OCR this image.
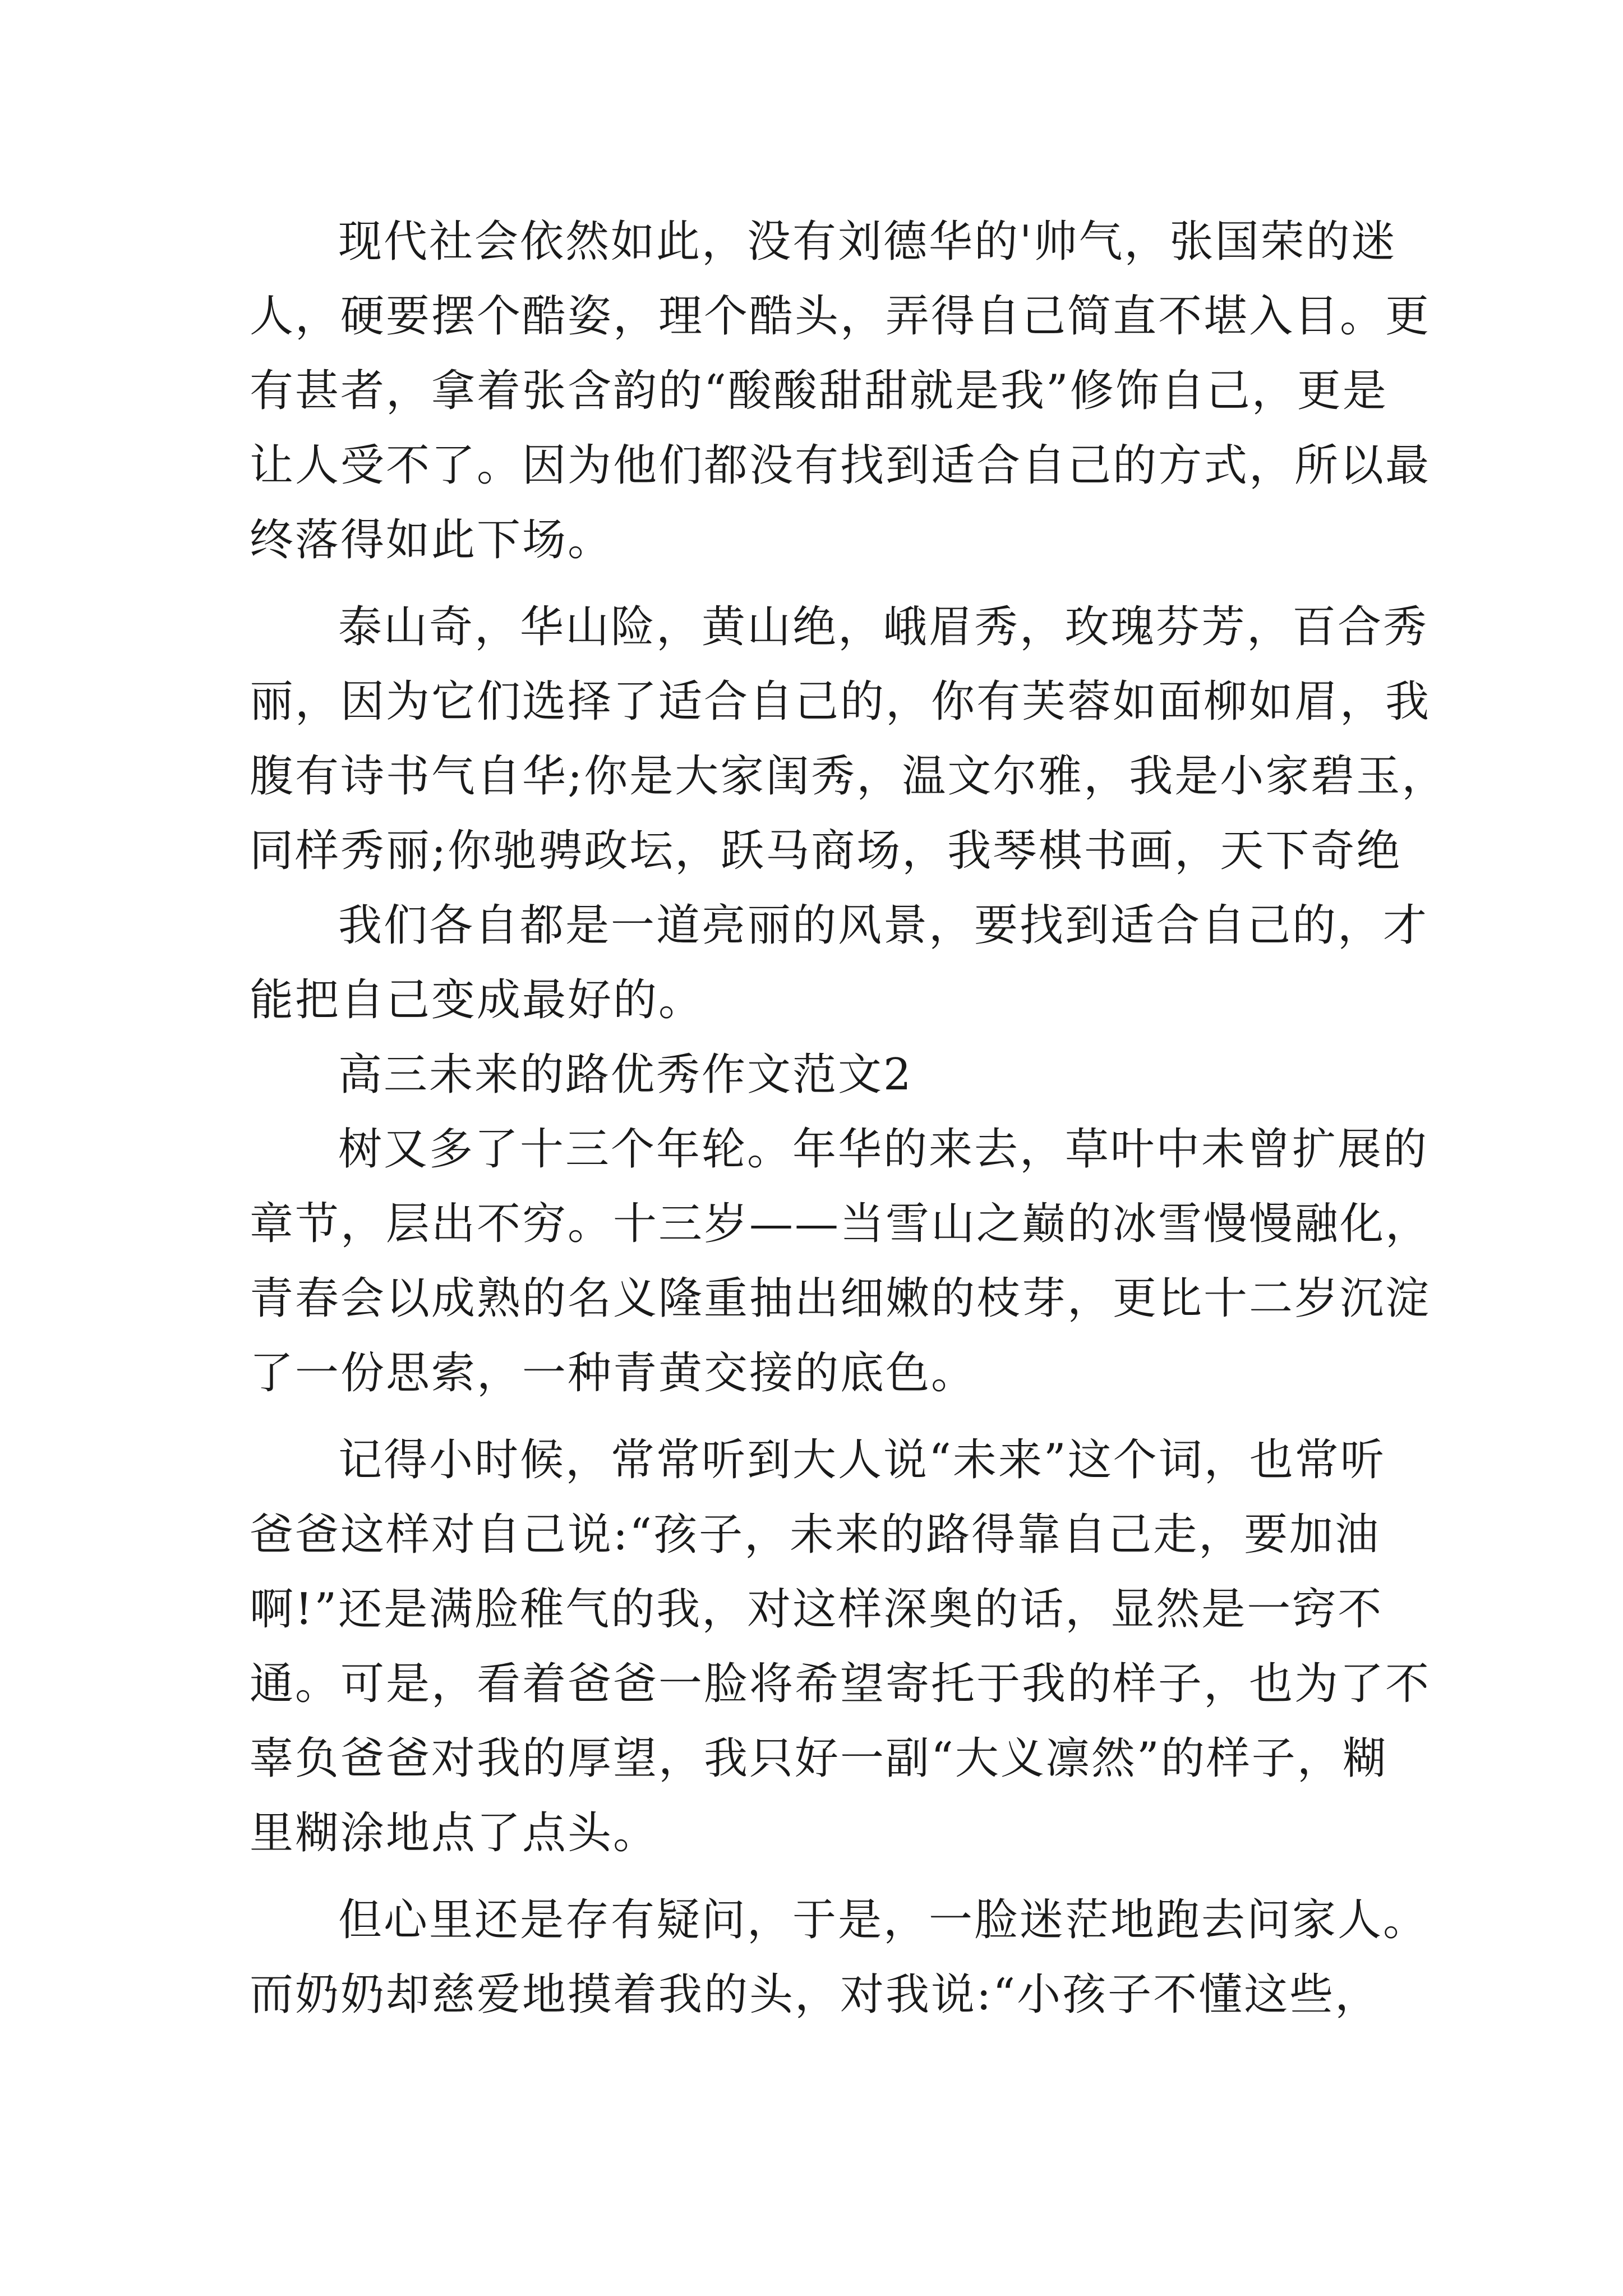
现代社会依然如此，没有刘德华的'帅气，张国荣的迷
人，硬要摆个酷姿，理个酷头，弄得自己简直不堪入目。更
有甚者，拿着张含韵的“酸酸甜甜就是我”修饰自己，更是
让人受不了。因为他们都没有找到适合自己的方式，所以最
终落得如此下场。
泰山奇，华山险，黄山绝，峨眉秀，玫瑰芬芳，百合秀
丽，因为它们选择了适合自己的，你有芙蓉如面柳如眉，我
腹有诗书气自华;你是大家闺秀，温文尔雅，我是小家碧玉，
同样秀丽;你驰骋政坛，跃马商场，我琴棋书画，天下奇绝
我们各自都是一道亮丽的风景，要找到适合自己的，才
能把自己变成最好的。
高三未来的路优秀作文范文2
树又多了十三个年轮。年华的来去，草叶中未曾扩展的
章节，层出不穷。十三岁——当雪山之巅的冰雪慢慢融化，
青春会以成熟的名义隆重抽出细嫩的枝芽，更比十二岁沉淀
了一份思索，一种青黄交接的底色。
记得小时候，常常听到大人说“未来”这个词，也常听
爸爸这样对自己说:“孩子，未来的路得靠自己走，要加油
啊!”还是满脸稚气的我，对这样深奥的话，显然是一窍不
通。可是，看着爸爸一脸将希望寄托于我的样子，也为了不
辜负爸爸对我的厚望，我只好一副“大义凛然”的样子，糊
里糊涂地点了点头。
但心里还是存有疑问，于是，一脸迷茫地跑去问家人。
而奶奶却慈爱地摸着我的头，对我说:“小孩子不懂这些，
